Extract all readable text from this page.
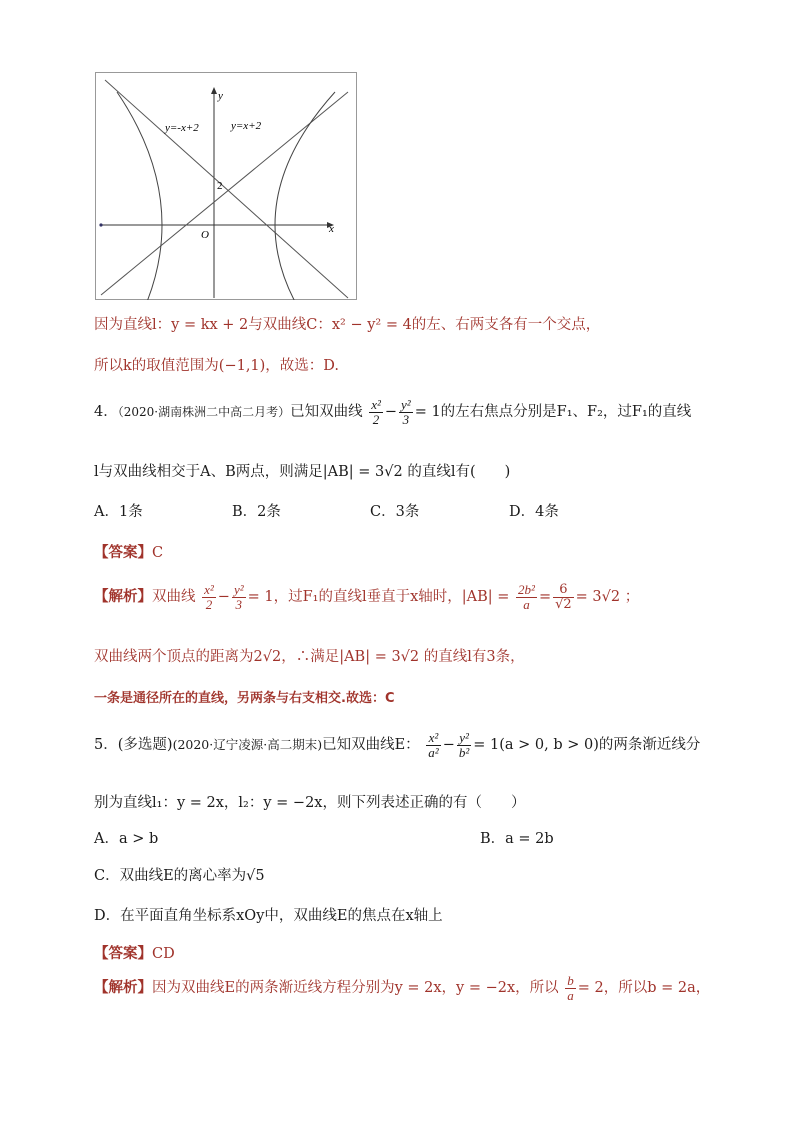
y=-x+2	y=x+2
y
x
O
2
因为直线l：y = kx + 2与双曲线C：x² − y² = 4的左、右两支各有一个交点，
所以k的取值范围为(−1,1)，故选：D.
4．（2020·湖南株洲二中高二月考）已知双曲线 $\frac{\text{x²}}{2} - \frac{\text{y²}}{3} = 1$的左右焦点分别是F₁、F₂，过F₁的直线
l与双曲线相交于A、B两点，则满足|AB| = 3√2 的直线l有(　　)
A．1条	B．2条	C．3条	D．4条
【答案】C
【解析】双曲线 $\frac{\text{x²}}{2} - \frac{\text{y²}}{3} = 1$，过F₁的直线l垂直于x轴时，$|AB| = \frac{\text{2b²}}{a} = \frac{6}{√2} = 3√2$ ；
双曲线两个顶点的距离为2√2，∴满足|AB| = 3√2 的直线l有3条，
一条是通径所在的直线，另两条与右支相交.故选：C
5．(多选题)(2020·辽宁凌源·高二期末)已知双曲线E： $\frac{\text{x²}}{\text{a²}} - \frac{\text{y²}}{\text{b²}} = 1(a > 0$, b > 0)的两条渐近线分
别为直线l₁：y = 2x，l₂：y = −2x，则下列表述正确的有（　　）
A．a > b	B．a = 2b
C．双曲线E的离心率为√5
D．在平面直角坐标系xOy中，双曲线E的焦点在x轴上
【答案】CD
【解析】因为双曲线E的两条渐近线方程分别为y = 2x，y = −2x，所以 $\frac{b}{a} = 2$，所以b = 2a，
